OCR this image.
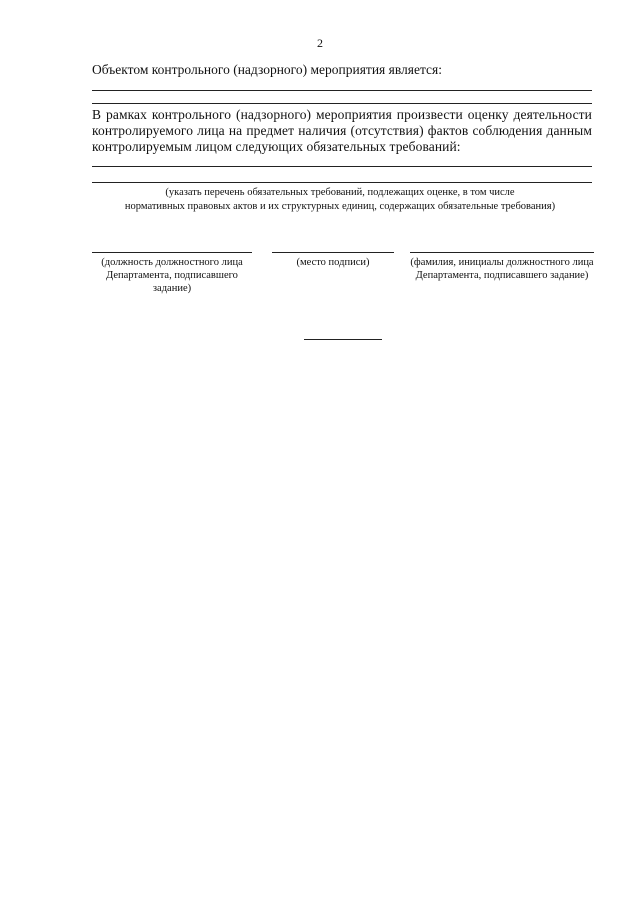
2
Объектом контрольного (надзорного) мероприятия является:
В рамках контрольного (надзорного) мероприятия произвести оценку деятельности контролируемого лица на предмет наличия (отсутствия) фактов соблюдения данным контролируемым лицом следующих обязательных требований:
(указать перечень обязательных требований, подлежащих оценке, в том числе
нормативных правовых актов и их структурных единиц, содержащих обязательные требования)
(должность должностного лица Департамента, подписавшего задание)
(место подписи)	(фамилия, инициалы должностного лица Департамента, подписавшего задание)
